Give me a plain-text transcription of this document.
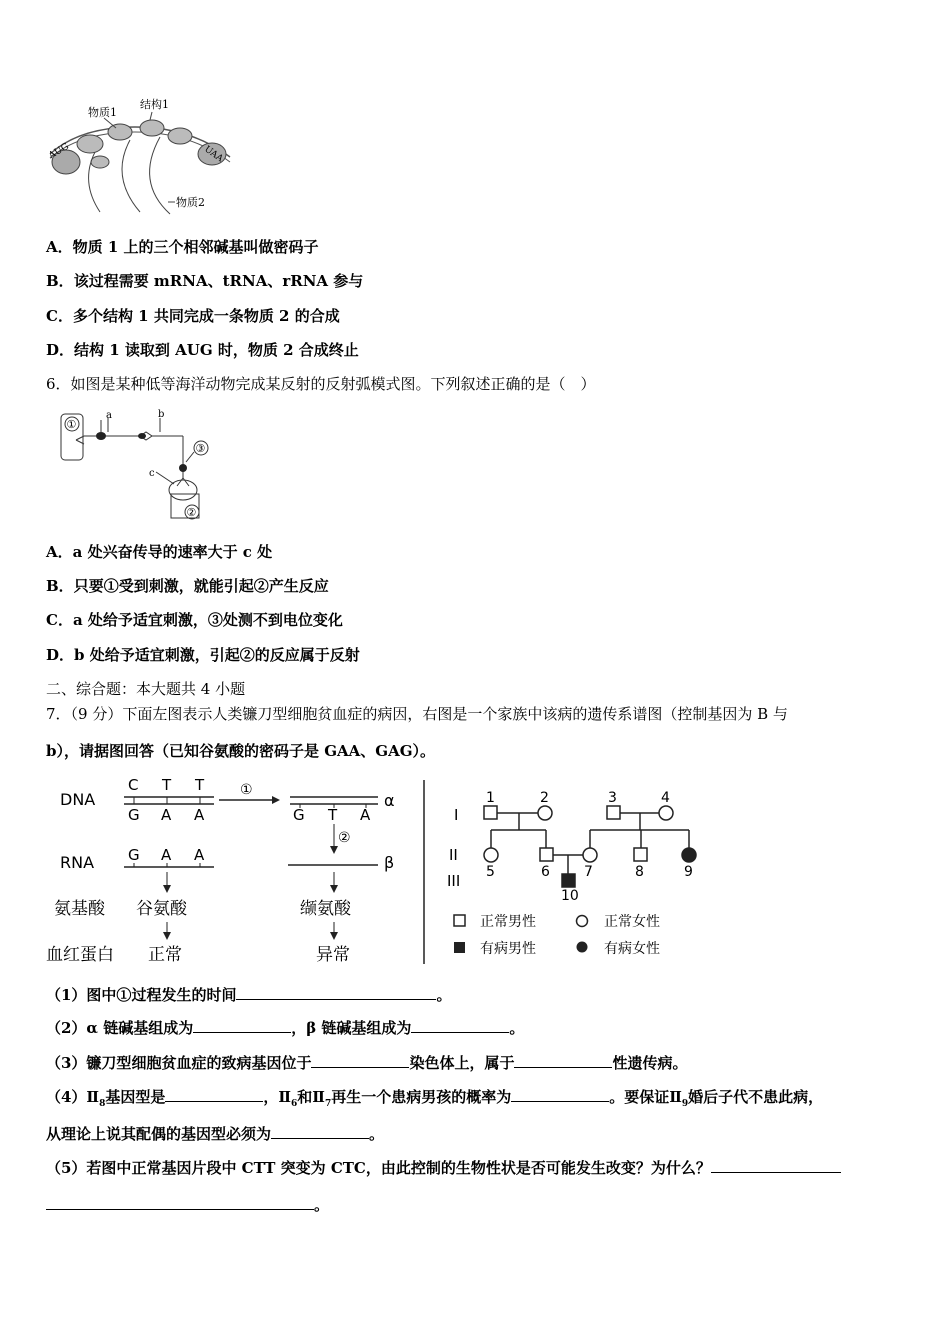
物质1
结构1
AUG	UAA
物质2
A．物质 1 上的三个相邻碱基叫做密码子
B．该过程需要 mRNA、tRNA、rRNA 参与
C．多个结构 1 共同完成一条物质 2 的合成
D．结构 1 读取到 AUG 时，物质 2 合成终止
6．如图是某种低等海洋动物完成某反射的反射弧模式图。下列叙述正确的是（　）
①
a	b
③
c
②
A．a 处兴奋传导的速率大于 c 处
B．只要①受到刺激，就能引起②产生反应
C．a 处给予适宜刺激，③处测不到电位变化
D．b 处给予适宜刺激，引起②的反应属于反射
二、综合题：本大题共 4 小题
7．（9 分）下面左图表示人类镰刀型细胞贫血症的病因，右图是一个家族中该病的遗传系谱图（控制基因为 B 与
b），请据图回答（已知谷氨酸的密码子是 GAA、GAG）。
DNA
C T T
G A A
①
α
G T A
②
RNA G A A	β
氨基酸 谷氨酸	缬氨酸
血红蛋白 正常	异常
I
II
III
1	2	3	4
5	6 7	8	9
10
正常男性	正常女性
有病男性	有病女性
（1）图中①过程发生的时间	。
（2）α 链碱基组成为	，β 链碱基组成为	。
（3）镰刀型细胞贫血症的致病基因位于	染色体上，属于	性遗传病。
$(4)Ⅱ_8$基因型是	，$Ⅱ_6$和$Ⅱ_7$再生一个患病男孩的概率为	。要保证$Ⅱ_9$婚后子代不患此病，
从理论上说其配偶的基因型必须为	。
（5）若图中正常基因片段中 CTT 突变为 CTC，由此控制的生物性状是否可能发生改变？为什么？
。
